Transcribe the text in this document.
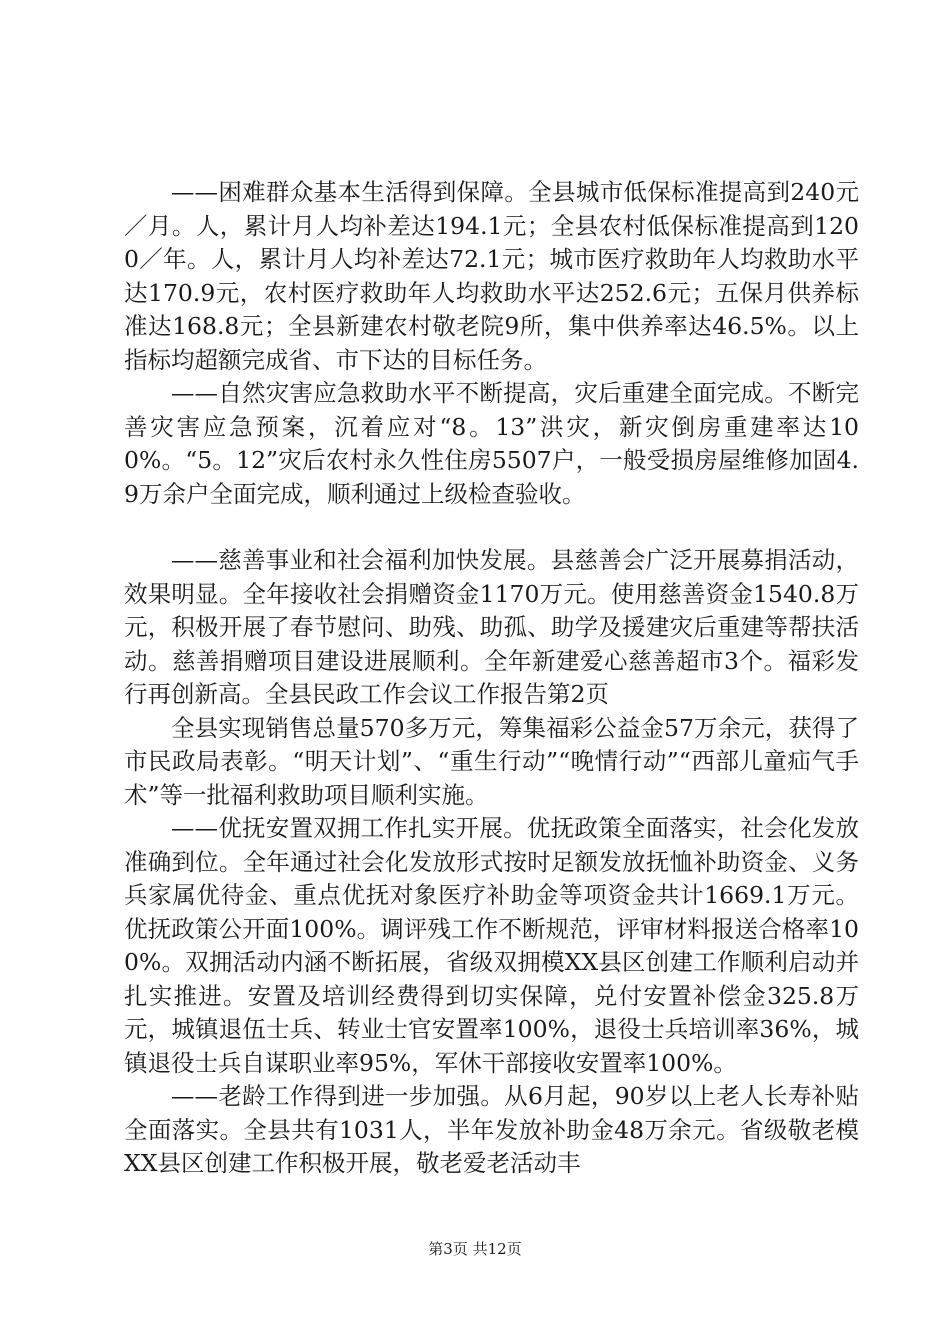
——困难群众基本生活得到保障。全县城市低保标准提高到240元／月。人，累计月人均补差达194.1元；全县农村低保标准提高到1200／年。人，累计月人均补差达72.1元；城市医疗救助年人均救助水平达170.9元，农村医疗救助年人均救助水平达252.6元；五保月供养标准达168.8元；全县新建农村敬老院9所，集中供养率达46.5%。以上指标均超额完成省、市下达的目标任务。

——自然灾害应急救助水平不断提高，灾后重建全面完成。不断完善灾害应急预案，沉着应对“8。13”洪灾，新灾倒房重建率达100%。“5。12”灾后农村永久性住房5507户，一般受损房屋维修加固4.9万余户全面完成，顺利通过上级检查验收。

——慈善事业和社会福利加快发展。县慈善会广泛开展募捐活动，效果明显。全年接收社会捐赠资金1170万元。使用慈善资金1540.8万元，积极开展了春节慰问、助残、助孤、助学及援建灾后重建等帮扶活动。慈善捐赠项目建设进展顺利。全年新建爱心慈善超市3个。福彩发行再创新高。全县民政工作会议工作报告第2页

全县实现销售总量570多万元，筹集福彩公益金57万余元，获得了市民政局表彰。“明天计划”、“重生行动”“晚情行动”“西部儿童疝气手术”等一批福利救助项目顺利实施。

——优抚安置双拥工作扎实开展。优抚政策全面落实，社会化发放准确到位。全年通过社会化发放形式按时足额发放抚恤补助资金、义务兵家属优待金、重点优抚对象医疗补助金等项资金共计1669.1万元。优抚政策公开面100%。调评残工作不断规范，评审材料报送合格率100%。双拥活动内涵不断拓展，省级双拥模XX县区创建工作顺利启动并扎实推进。安置及培训经费得到切实保障，兑付安置补偿金325.8万元，城镇退伍士兵、转业士官安置率100%，退役士兵培训率36%，城镇退役士兵自谋职业率95%，军休干部接收安置率100%。

——老龄工作得到进一步加强。从6月起，90岁以上老人长寿补贴全面落实。全县共有1031人，半年发放补助金48万余元。省级敬老模XX县区创建工作积极开展，敬老爱老活动丰

第3页 共12页
